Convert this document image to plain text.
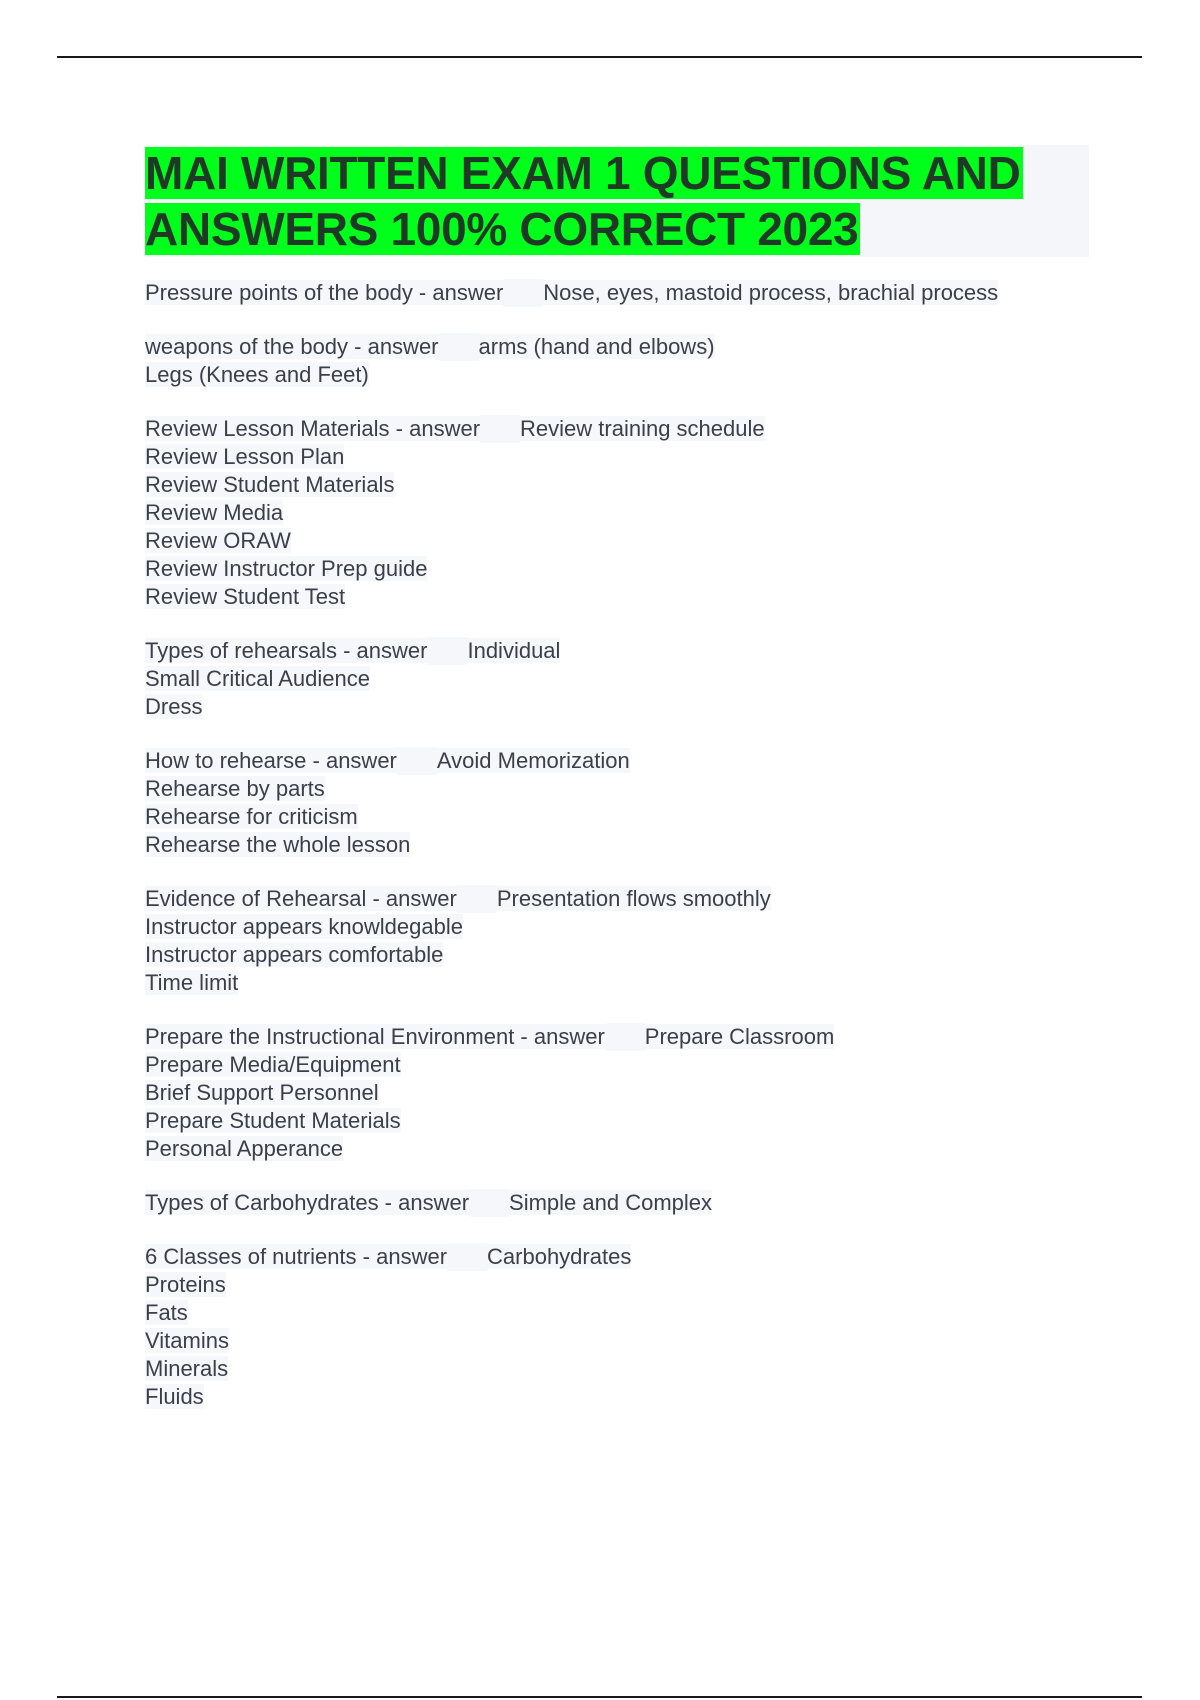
MAI WRITTEN EXAM 1 QUESTIONS AND
ANSWERS 100% CORRECT 2023
Pressure points of the body - answer Nose, eyes, mastoid process, brachial process
weapons of the body - answer arms (hand and elbows)
Legs (Knees and Feet)
Review Lesson Materials - answer Review training schedule
Review Lesson Plan
Review Student Materials
Review Media
Review ORAW
Review Instructor Prep guide
Review Student Test
Types of rehearsals - answer Individual
Small Critical Audience
Dress
How to rehearse - answer Avoid Memorization
Rehearse by parts
Rehearse for criticism
Rehearse the whole lesson
Evidence of Rehearsal - answer Presentation flows smoothly
Instructor appears knowldegable
Instructor appears comfortable
Time limit
Prepare the Instructional Environment - answer Prepare Classroom
Prepare Media/Equipment
Brief Support Personnel
Prepare Student Materials
Personal Apperance
Types of Carbohydrates - answer Simple and Complex
6 Classes of nutrients - answer Carbohydrates
Proteins
Fats
Vitamins
Minerals
Fluids
